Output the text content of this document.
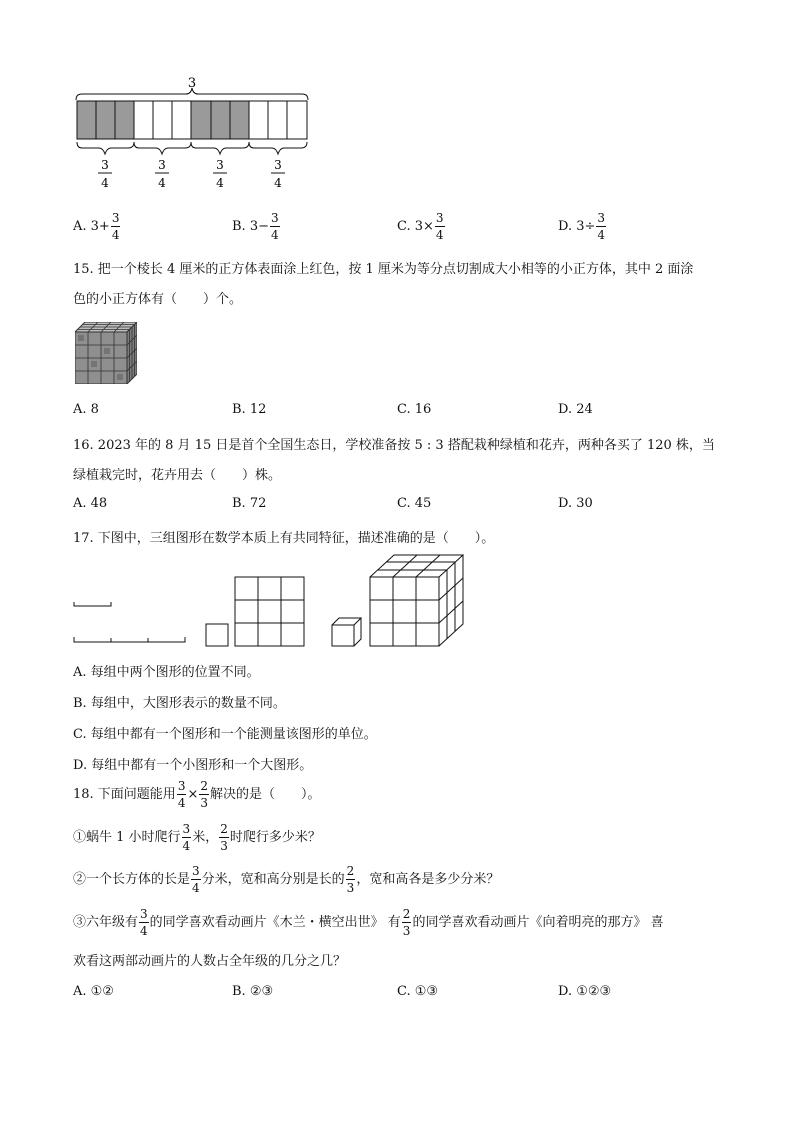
3
3
4
3
4
3
4
3
4
A. $3+ \frac{3}{4}$	B. $3- \frac{3}{4}$	C. $3\times \frac{3}{4}$	D. $3\div \frac{3}{4}$
15. 把一个棱长 4 厘米的正方体表面涂上红色，按 1 厘米为等分点切割成大小相等的小正方体，其中 2 面涂
色的小正方体有（　　）个。
A. 8	B. 12	C. 16	D. 24
16. 2023 年的 8 月 15 日是首个全国生态日，学校准备按 5 : 3 搭配栽种绿植和花卉，两种各买了 120 株，当
绿植栽完时，花卉用去（　　）株。
A. 48	B. 72	C. 45	D. 30
17. 下图中，三组图形在数学本质上有共同特征，描述准确的是（　　）。
A. 每组中两个图形的位置不同。
B. 每组中，大图形表示的数量不同。
C. 每组中都有一个图形和一个能测量该图形的单位。
D. 每组中都有一个小图形和一个大图形。
18. 下面问题能用 $\frac{3}{4} \times \frac{2}{3}$ 解决的是（　　）。
①蜗牛 1 小时爬行 $\frac{3}{4}$ 米， $\frac{2}{3}$ 时爬行多少米？
②一个长方体的长是 $\frac{3}{4}$ 分米，宽和高分别是长的 $\frac{2}{3}$ ，宽和高各是多少分米？
③六年级有 $\frac{3}{4}$ 的同学喜欢看动画片《木兰・横空出世》 有 $\frac{2}{3}$ 的同学喜欢看动画片《向着明亮的那方》 喜
欢看这两部动画片的人数占全年级的几分之几？
A. ①②	B. ②③	C. ①③	D. ①②③
